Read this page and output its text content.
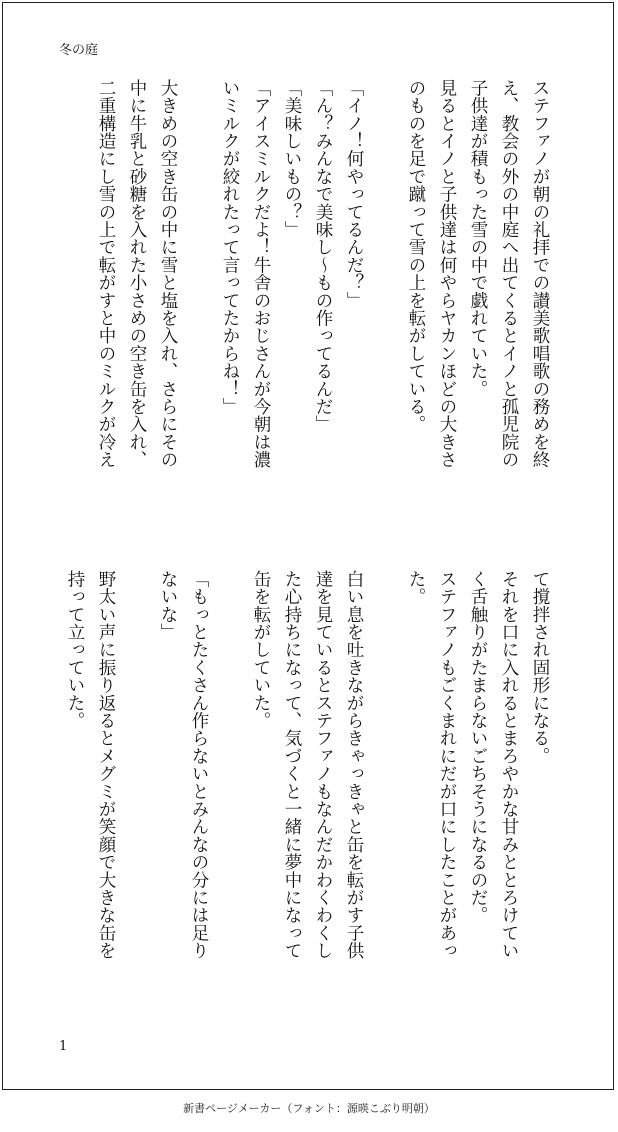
冬の庭
ステファノが朝の礼拝での讃美歌唱歌の務めを終
え、教会の外の中庭へ出てくるとイノと孤児院の
子供達が積もった雪の中で戯れていた。
見るとイノと子供達は何やらヤカンほどの大きさ
のものを足で蹴って雪の上を転がしている。

「イノ！何やってるんだ？」
「ん？みんなで美味し～もの作ってるんだ」
「美味しいもの？」
「アイスミルクだよ！牛舎のおじさんが今朝は濃
いミルクが絞れたって言ってたからね！」

大きめの空き缶の中に雪と塩を入れ、さらにその
中に牛乳と砂糖を入れた小さめの空き缶を入れ、
二重構造にし雪の上で転がすと中のミルクが冷え
て撹拌され固形になる。
それを口に入れるとまろやかな甘みととろけてい
く舌触りがたまらないごちそうになるのだ。
ステファノもごくまれにだが口にしたことがあっ
た。

白い息を吐きながらきゃっきゃと缶を転がす子供
達を見ているとステファノもなんだかわくわくし
た心持ちになって、気づくと一緒に夢中になって
缶を転がしていた。

「もっとたくさん作らないとみんなの分には足り
ないな」

野太い声に振り返るとメグミが笑顔で大きな缶を
持って立っていた。
1
新書ページメーカー（フォント：源暎こぶり明朝）
